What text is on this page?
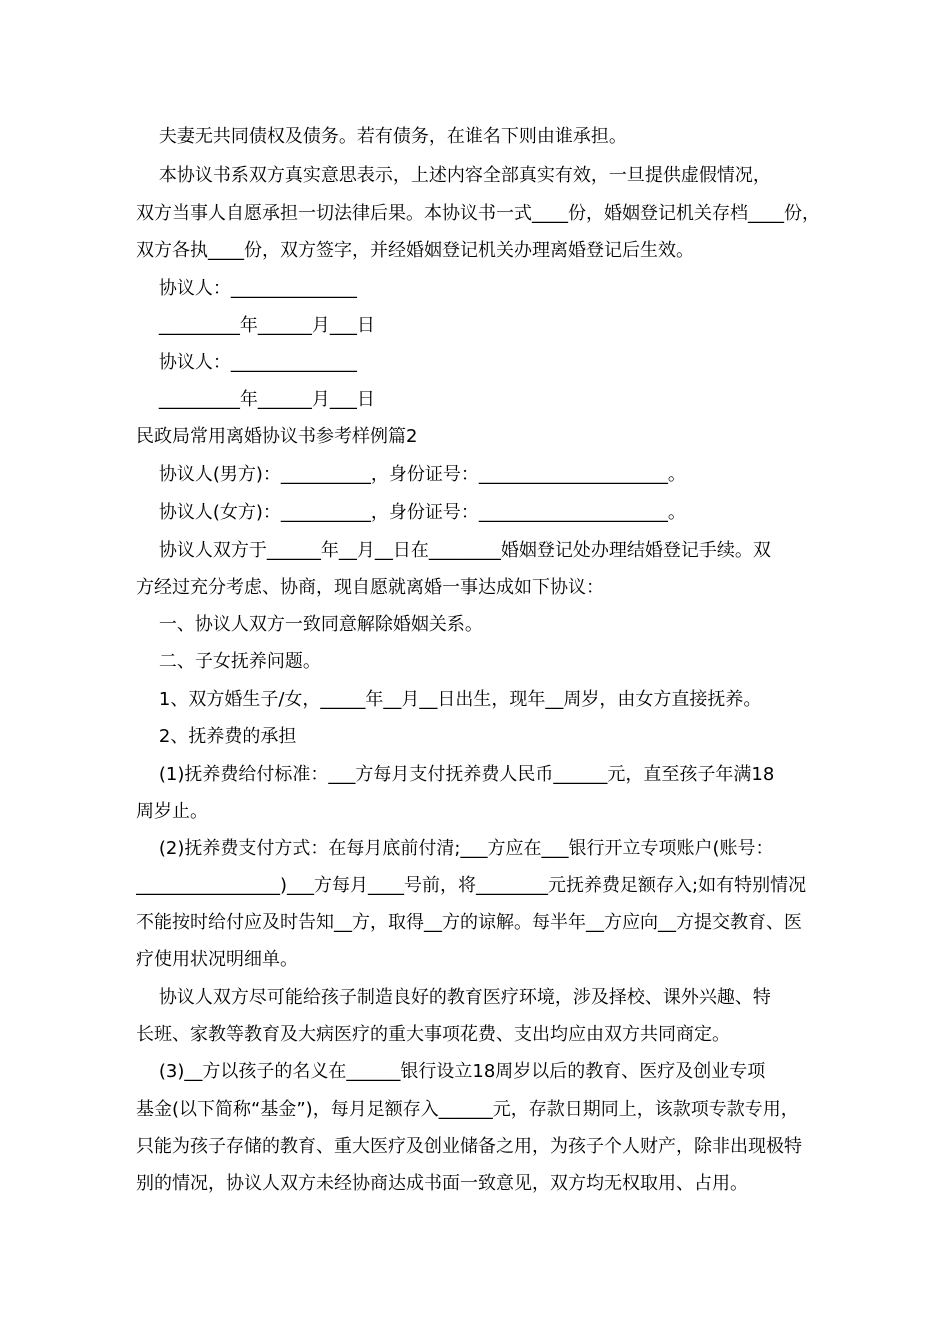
夫妻无共同债权及债务。若有债务，在谁名下则由谁承担。
本协议书系双方真实意思表示，上述内容全部真实有效，一旦提供虚假情况，
双方当事人自愿承担一切法律后果。本协议书一式____份，婚姻登记机关存档____份，
双方各执____份，双方签字，并经婚姻登记机关办理离婚登记后生效。
协议人：______________
_________年______月___日
协议人：______________
_________年______月___日
民政局常用离婚协议书参考样例篇2
协议人(男方)：__________，身份证号：_____________________。
协议人(女方)：__________，身份证号：_____________________。
协议人双方于______年__月__日在________婚姻登记处办理结婚登记手续。双
方经过充分考虑、协商，现自愿就离婚一事达成如下协议：
一、协议人双方一致同意解除婚姻关系。
二、子女抚养问题。
1、双方婚生子/女，_____年__月__日出生，现年__周岁，由女方直接抚养。
2、抚养费的承担
(1)抚养费给付标准：___方每月支付抚养费人民币______元，直至孩子年满18
周岁止。
(2)抚养费支付方式：在每月底前付清;___方应在___银行开立专项账户(账号：
________________)___方每月____号前，将________元抚养费足额存入;如有特别情况
不能按时给付应及时告知__方，取得__方的谅解。每半年__方应向__方提交教育、医
疗使用状况明细单。
协议人双方尽可能给孩子制造良好的教育医疗环境，涉及择校、课外兴趣、特
长班、家教等教育及大病医疗的重大事项花费、支出均应由双方共同商定。
(3)__方以孩子的名义在______银行设立18周岁以后的教育、医疗及创业专项
基金(以下简称“基金”)，每月足额存入______元，存款日期同上，该款项专款专用，
只能为孩子存储的教育、重大医疗及创业储备之用，为孩子个人财产，除非出现极特
别的情况，协议人双方未经协商达成书面一致意见，双方均无权取用、占用。
